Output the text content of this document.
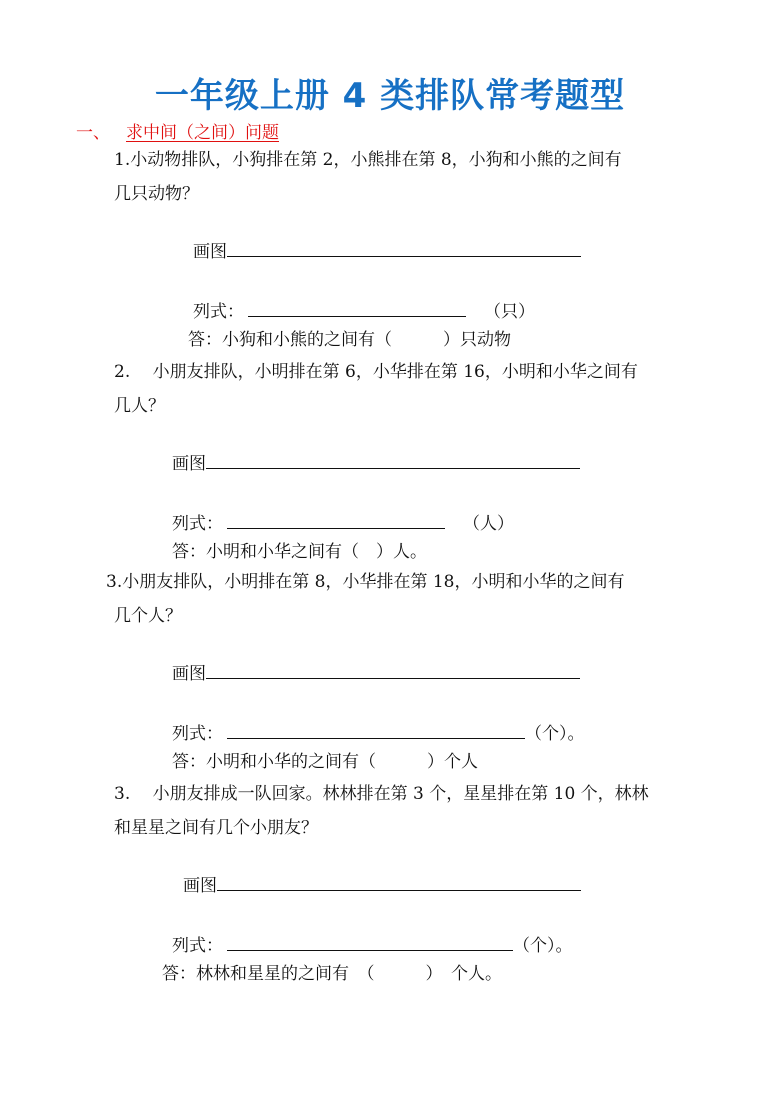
一年级上册 4 类排队常考题型
一、 求中间（之间）问题
1.小动物排队，小狗排在第 2，小熊排在第 8，小狗和小熊的之间有
几只动物？
画图
列式：	（只）
答：小狗和小熊的之间有（　　　）只动物
2.　 小朋友排队，小明排在第 6，小华排在第 16，小明和小华之间有
几人？
画图
列式：	（人）
答：小明和小华之间有（　）人。
3.小朋友排队，小明排在第 8，小华排在第 18，小明和小华的之间有
几个人？
画图
列式：	（个）。
答：小明和小华的之间有（　　　）个人
3.　 小朋友排成一队回家。林林排在第 3 个，星星排在第 10 个，林林
和星星之间有几个小朋友？
画图
列式：	（个）。
答：林林和星星的之间有　（　　　）　个人。
